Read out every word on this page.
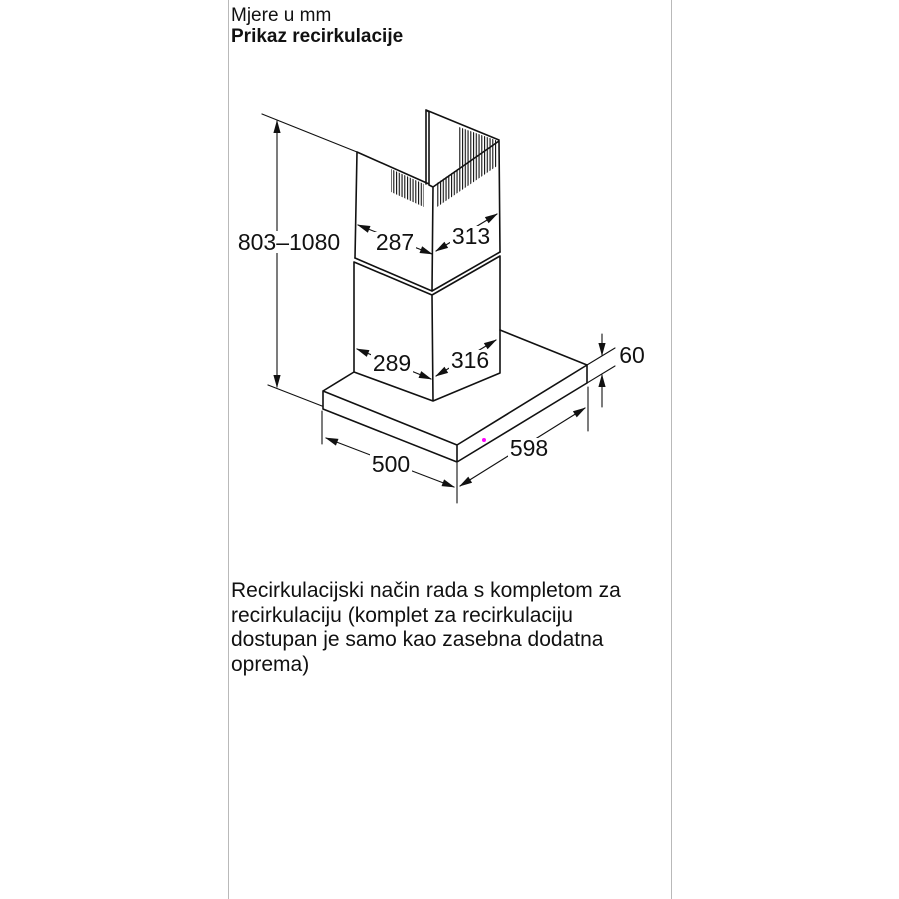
Mjere u mm
Prikaz recirkulacije
803–1080 287 313
289 316	60
500
598
Recirkulacijski način rada s kompletom za
recirkulaciju (komplet za recirkulaciju
dostupan je samo kao zasebna dodatna
oprema)
